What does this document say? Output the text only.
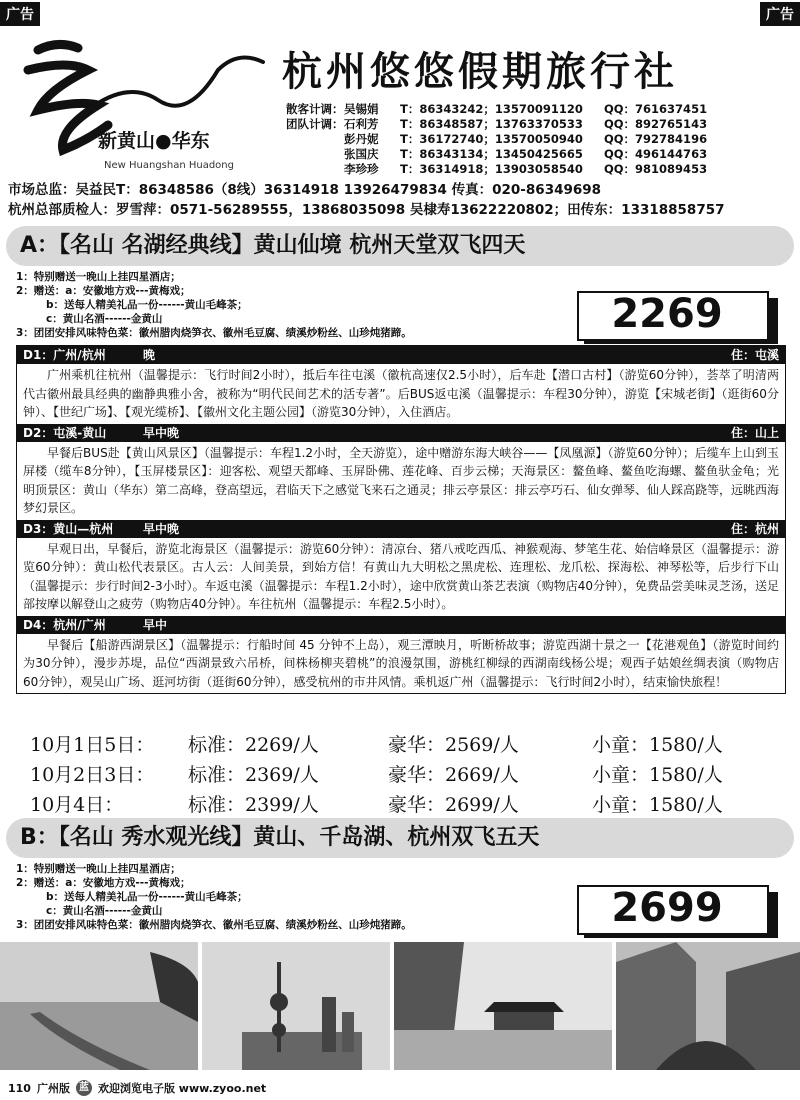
广告	广告
新黄山●华东
New Huangshan Huadong
杭州悠悠假期旅行社
散客计调： 吴锡娟	T：86343242；13570091120	QQ：761637451
团队计调： 石利芳	T：86348587；13763370533	QQ：892765143
彭丹妮	T：36172740；13570050940	QQ：792784196
张国庆	T：86343134；13450425665	QQ：496144763
李珍珍	T：36314918；13903058540	QQ：981089453
市场总监：吴益民T：86348586（8线）36314918 13926479834 传真：020-86349698
杭州总部质检人：罗雪萍：0571-56289555，13868035098 吴棣寿13622220802；田传东：13318858757
A：【名山 名湖经典线】黄山仙境 杭州天堂双飞四天
1：特别赠送一晚山上挂四星酒店；
2：赠送：a：安徽地方戏---黄梅戏；
b：送每人精美礼品一份------黄山毛峰茶；
c：黄山名酒------金黄山
3：团团安排风味特色菜：徽州腊肉烧笋衣、徽州毛豆腐、绩溪炒粉丝、山珍炖猪蹄。	2269
D1：广州/杭州	晚	住：屯溪
广州乘机往杭州（温馨提示：飞行时间2小时），抵后车往屯溪（徽杭高速仅2.5小时），后车赴【潜口古村】（游览60分钟），荟萃了明清两代古徽州最具经典的幽静典雅小舍，被称为“明代民间艺术的活专著”。后BUS返屯溪（温馨提示：车程30分钟），游览【宋城老街】（逛街60分钟）、【世纪广场】、【观光缆桥】、【徽州文化主题公园】（游览30分钟），入住酒店。
D2：屯溪-黄山	早中晚	住：山上
早餐后BUS赴【黄山风景区】（温馨提示：车程1.2小时，全天游览），途中赠游东海大峡谷——【凤凰源】（游览60分钟）；后缆车上山到玉屏楼（缆车8分钟），【玉屏楼景区】：迎客松、观望天都峰、玉屏卧佛、莲花峰、百步云梯；天海景区：鳌鱼峰、鳌鱼吃海螺、鳌鱼驮金龟；光明顶景区：黄山（华东）第二高峰，登高望远，君临天下之感觉飞来石之通灵；排云亭景区：排云亭巧石、仙女弹琴、仙人踩高跷等，远眺西海梦幻景区。
D3：黄山—杭州	早中晚	住：杭州
早观日出，早餐后，游览北海景区（温馨提示：游览60分钟）：清凉台、猪八戒吃西瓜、神猴观海、梦笔生花、始信峰景区（温馨提示：游览60分钟）：黄山松代表景区。古人云：人间美景，到始方信！有黄山九大明松之黑虎松、连理松、龙爪松、探海松、神琴松等，后步行下山（温馨提示：步行时间2-3小时）。车返屯溪（温馨提示：车程1.2小时），途中欣赏黄山茶艺表演（购物店40分钟），免费品尝美味灵芝汤，送足部按摩以解登山之疲劳（购物店40分钟）。车往杭州（温馨提示：车程2.5小时）。
D4：杭州/广州	早中
早餐后【船游西湖景区】（温馨提示：行船时间 45 分钟不上岛），观三潭映月，听断桥故事；游览西湖十景之一【花港观鱼】（游览时间约为30分钟），漫步苏堤，品位“西湖景致六吊桥，间株杨柳夹碧桃”的浪漫氛围，游桃红柳绿的西湖南线杨公堤；观西子姑娘丝绸表演（购物店60分钟），观吴山广场、逛河坊街（逛街60分钟），感受杭州的市井风情。乘机返广州（温馨提示：飞行时间2小时），结束愉快旅程！
10月1日5日：	标准：2269/人	豪华：2569/人	小童：1580/人
10月2日3日：	标准：2369/人	豪华：2669/人	小童：1580/人
10月4日：	标准：2399/人	豪华：2699/人	小童：1580/人
B：【名山 秀水观光线】黄山、千岛湖、杭州双飞五天
1：特别赠送一晚山上挂四星酒店；
2：赠送：a：安徽地方戏---黄梅戏；
b：送每人精美礼品一份------黄山毛峰茶；
c：黄山名酒------金黄山
3：团团安排风味特色菜：徽州腊肉烧笋衣、徽州毛豆腐、绩溪炒粉丝、山珍炖猪蹄。	2699
110 广州版 蓝 欢迎浏览电子版 www.zyoo.net
